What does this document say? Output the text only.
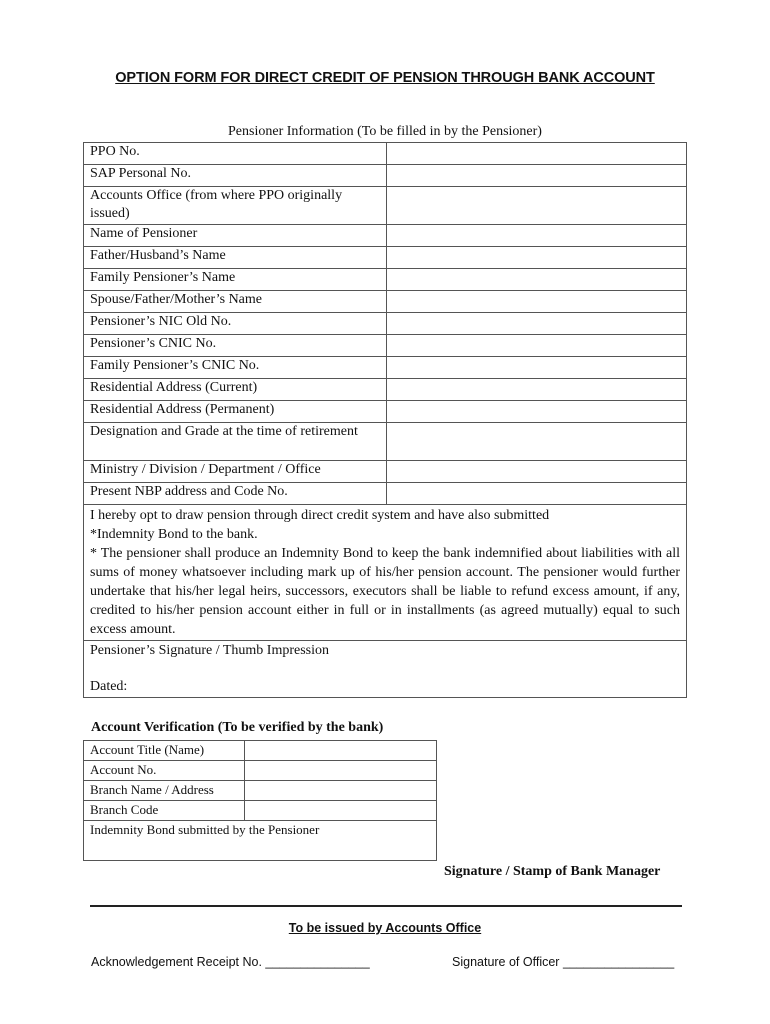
OPTION FORM FOR DIRECT CREDIT OF PENSION THROUGH BANK ACCOUNT
Pensioner Information (To be filled in by the Pensioner)
PPO No.	
SAP Personal No.	
Accounts Office (from where PPO originally issued)	
Name of Pensioner	
Father/Husband’s Name	
Family Pensioner’s Name	
Spouse/Father/Mother’s Name	
Pensioner’s NIC Old No.	
Pensioner’s CNIC No.	
Family Pensioner’s CNIC No.	
Residential Address (Current)	
Residential Address (Permanent)	
Designation and Grade at the time of retirement	
Ministry / Division / Department / Office	
Present NBP address and Code No.	

I hereby opt to draw pension through direct credit system and have also submitted
*Indemnity Bond to the bank.
* The pensioner shall produce an Indemnity Bond to keep the bank indemnified about liabilities with all sums of money whatsoever including mark up of his/her pension account. The pensioner would further undertake that his/her legal heirs, successors, executors shall be liable to refund excess amount, if any, credited to his/her pension account either in full or in installments (as agreed mutually) equal to such excess amount.	

Pensioner’s Signature / Thumb Impression
Dated:	
Account Verification (To be verified by the bank)
Account Title (Name)	
Account No.	
Branch Name / Address	
Branch Code	
Indemnity Bond submitted by the Pensioner	
Signature / Stamp of Bank Manager
To be issued by Accounts Office
Acknowledgement Receipt No. _______________	Signature of Officer ________________
